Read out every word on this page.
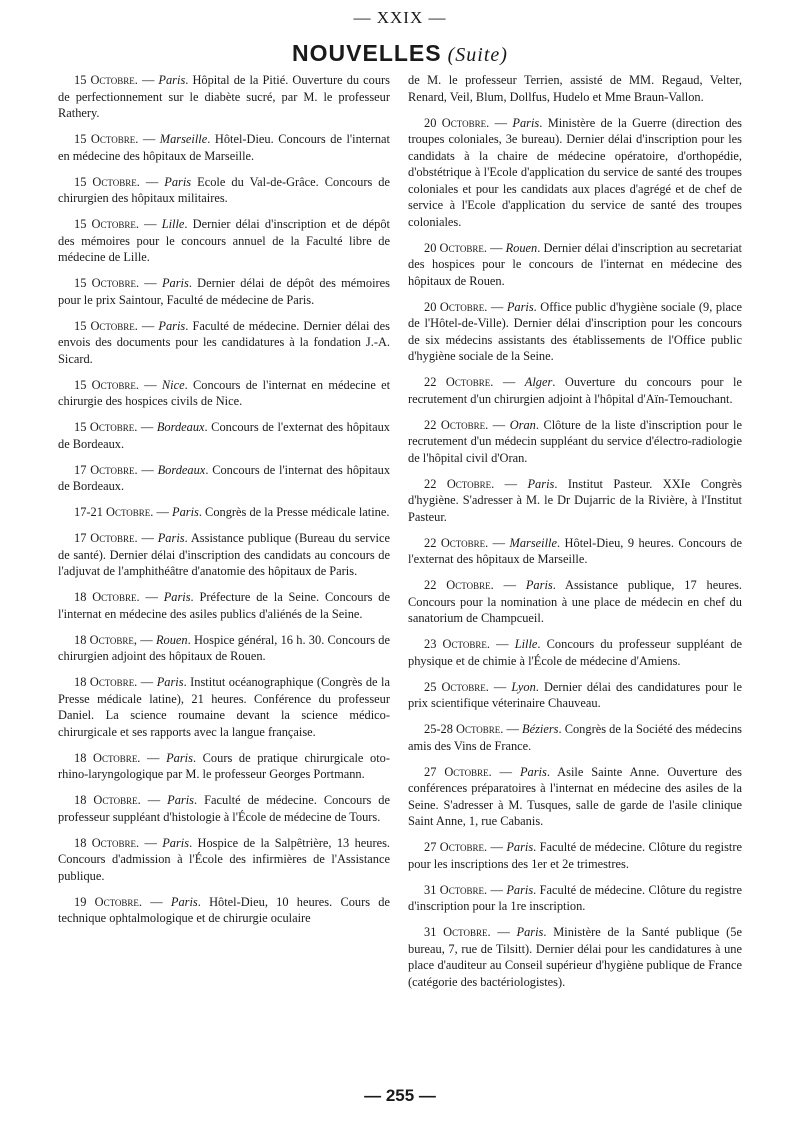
— XXIX —
NOUVELLES (Suite)

15 Octobre. — Paris. Hôpital de la Pitié. Ouverture du cours de perfectionnement sur le diabète sucré, par M. le professeur Rathery.

15 Octobre. — Marseille. Hôtel-Dieu. Concours de l'internat en médecine des hôpitaux de Marseille.

15 Octobre. — Paris Ecole du Val-de-Grâce. Concours de chirurgien des hôpitaux militaires.

15 Octobre. — Lille. Dernier délai d'inscription et de dépôt des mémoires pour le concours annuel de la Faculté libre de médecine de Lille.

15 Octobre. — Paris. Dernier délai de dépôt des mémoires pour le prix Saintour, Faculté de médecine de Paris.

15 Octobre. — Paris. Faculté de médecine. Dernier délai des envois des documents pour les candidatures à la fondation J.-A. Sicard.

15 Octobre. — Nice. Concours de l'internat en médecine et chirurgie des hospices civils de Nice.

15 Octobre. — Bordeaux. Concours de l'externat des hôpitaux de Bordeaux.

17 Octobre. — Bordeaux. Concours de l'internat des hôpitaux de Bordeaux.

17-21 Octobre. — Paris. Congrès de la Presse médicale latine.

17 Octobre. — Paris. Assistance publique (Bureau du service de santé). Dernier délai d'inscription des candidats au concours de l'adjuvat de l'amphithéâtre d'anatomie des hôpitaux de Paris.

18 Octobre. — Paris. Préfecture de la Seine. Concours de l'internat en médecine des asiles publics d'aliénés de la Seine.

18 Octobre, — Rouen. Hospice général, 16 h. 30. Concours de chirurgien adjoint des hôpitaux de Rouen.

18 Octobre. — Paris. Institut océanographique (Congrès de la Presse médicale latine), 21 heures. Conférence du professeur Daniel. La science roumaine devant la science médico-chirurgicale et ses rapports avec la langue française.

18 Octobre. — Paris. Cours de pratique chirurgicale oto-rhino-laryngologique par M. le professeur Georges Portmann.

18 Octobre. — Paris. Faculté de médecine. Concours de professeur suppléant d'histologie à l'École de médecine de Tours.

18 Octobre. — Paris. Hospice de la Salpêtrière, 13 heures. Concours d'admission à l'École des infirmières de l'Assistance publique.

19 Octobre. — Paris. Hôtel-Dieu, 10 heures. Cours de technique ophtalmologique et de chirurgie oculaire

de M. le professeur Terrien, assisté de MM. Regaud, Velter, Renard, Veil, Blum, Dollfus, Hudelo et Mme Braun-Vallon.

20 Octobre. — Paris. Ministère de la Guerre (direction des troupes coloniales, 3e bureau). Dernier délai d'inscription pour les candidats à la chaire de médecine opératoire, d'orthopédie, d'obstétrique à l'Ecole d'application du service de santé des troupes coloniales et pour les candidats aux places d'agrégé et de chef de service à l'Ecole d'application du service de santé des troupes coloniales.

20 Octobre. — Rouen. Dernier délai d'inscription au secretariat des hospices pour le concours de l'internat en médecine des hôpitaux de Rouen.

20 Octobre. — Paris. Office public d'hygiène sociale (9, place de l'Hôtel-de-Ville). Dernier délai d'inscription pour les concours de six médecins assistants des établissements de l'Office public d'hygiène sociale de la Seine.

22 Octobre. — Alger. Ouverture du concours pour le recrutement d'un chirurgien adjoint à l'hôpital d'Aïn-Temouchant.

22 Octobre. — Oran. Clôture de la liste d'inscription pour le recrutement d'un médecin suppléant du service d'électro-radiologie de l'hôpital civil d'Oran.

22 Octobre. — Paris. Institut Pasteur. XXIe Congrès d'hygiène. S'adresser à M. le Dr Dujarric de la Rivière, à l'Institut Pasteur.

22 Octobre. — Marseille. Hôtel-Dieu, 9 heures. Concours de l'externat des hôpitaux de Marseille.

22 Octobre. — Paris. Assistance publique, 17 heures. Concours pour la nomination à une place de médecin en chef du sanatorium de Champcueil.

23 Octobre. — Lille. Concours du professeur suppléant de physique et de chimie à l'École de médecine d'Amiens.

25 Octobre. — Lyon. Dernier délai des candidatures pour le prix scientifique véterinaire Chauveau.

25-28 Octobre. — Béziers. Congrès de la Société des médecins amis des Vins de France.

27 Octobre. — Paris. Asile Sainte Anne. Ouverture des conférences préparatoires à l'internat en médecine des asiles de la Seine. S'adresser à M. Tusques, salle de garde de l'asile clinique Saint Anne, 1, rue Cabanis.

27 Octobre. — Paris. Faculté de médecine. Clôture du registre pour les inscriptions des 1er et 2e trimestres.

31 Octobre. — Paris. Faculté de médecine. Clôture du registre d'inscription pour la 1re inscription.

31 Octobre. — Paris. Ministère de la Santé publique (5e bureau, 7, rue de Tilsitt). Dernier délai pour les candidatures à une place d'auditeur au Conseil supérieur d'hygiène publique de France (catégorie des bactériologistes).

— 255 —
